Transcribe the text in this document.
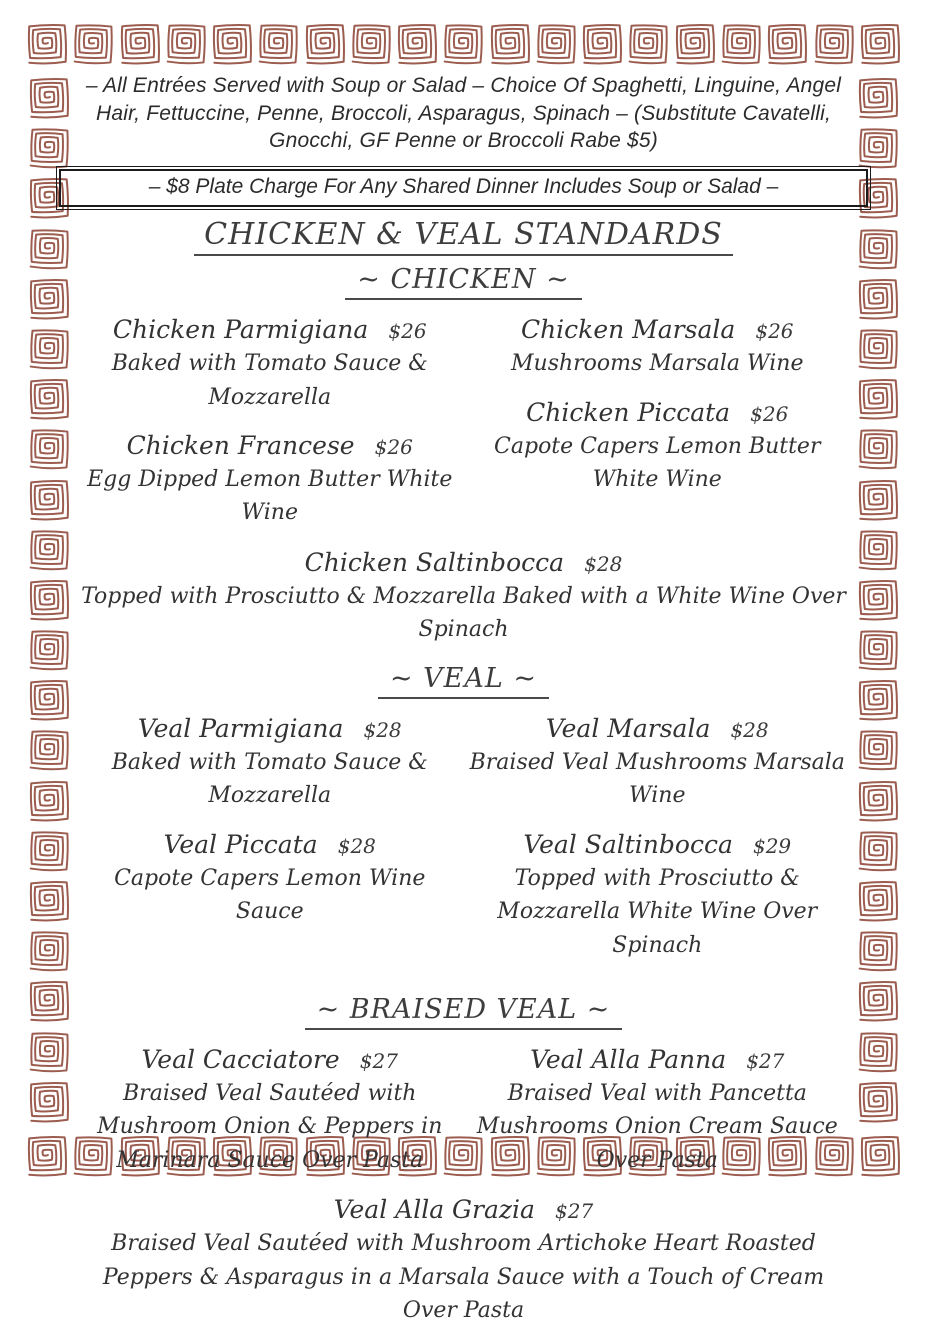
– All Entrées Served with Soup or Salad – Choice Of Spaghetti, Linguine, Angel Hair, Fettuccine, Penne, Broccoli, Asparagus, Spinach – (Substitute Cavatelli, Gnocchi, GF Penne or Broccoli Rabe $5)

– $8 Plate Charge For Any Shared Dinner Includes Soup or Salad –

CHICKEN & VEAL STANDARDS
~ CHICKEN ~
Chicken Parmigiana $26
Baked with Tomato Sauce & Mozzarella
Chicken Francese $26
Egg Dipped Lemon Butter White Wine
Chicken Marsala $26
Mushrooms Marsala Wine
Chicken Piccata $26
Capote Capers Lemon Butter White Wine
Chicken Saltinbocca $28
Topped with Prosciutto & Mozzarella Baked with a White Wine Over Spinach
~ VEAL ~
Veal Parmigiana $28
Baked with Tomato Sauce & Mozzarella
Veal Piccata $28
Capote Capers Lemon Wine Sauce
Veal Marsala $28
Braised Veal Mushrooms Marsala Wine
Veal Saltinbocca $29
Topped with Prosciutto & Mozzarella White Wine Over Spinach
~ BRAISED VEAL ~
Veal Cacciatore $27
Braised Veal Sautéed with Mushroom Onion & Peppers in Marinara Sauce Over Pasta
Veal Alla Panna $27
Braised Veal with Pancetta Mushrooms Onion Cream Sauce Over Pasta
Veal Alla Grazia $27
Braised Veal Sautéed with Mushroom Artichoke Heart Roasted Peppers & Asparagus in a Marsala Sauce with a Touch of Cream Over Pasta
